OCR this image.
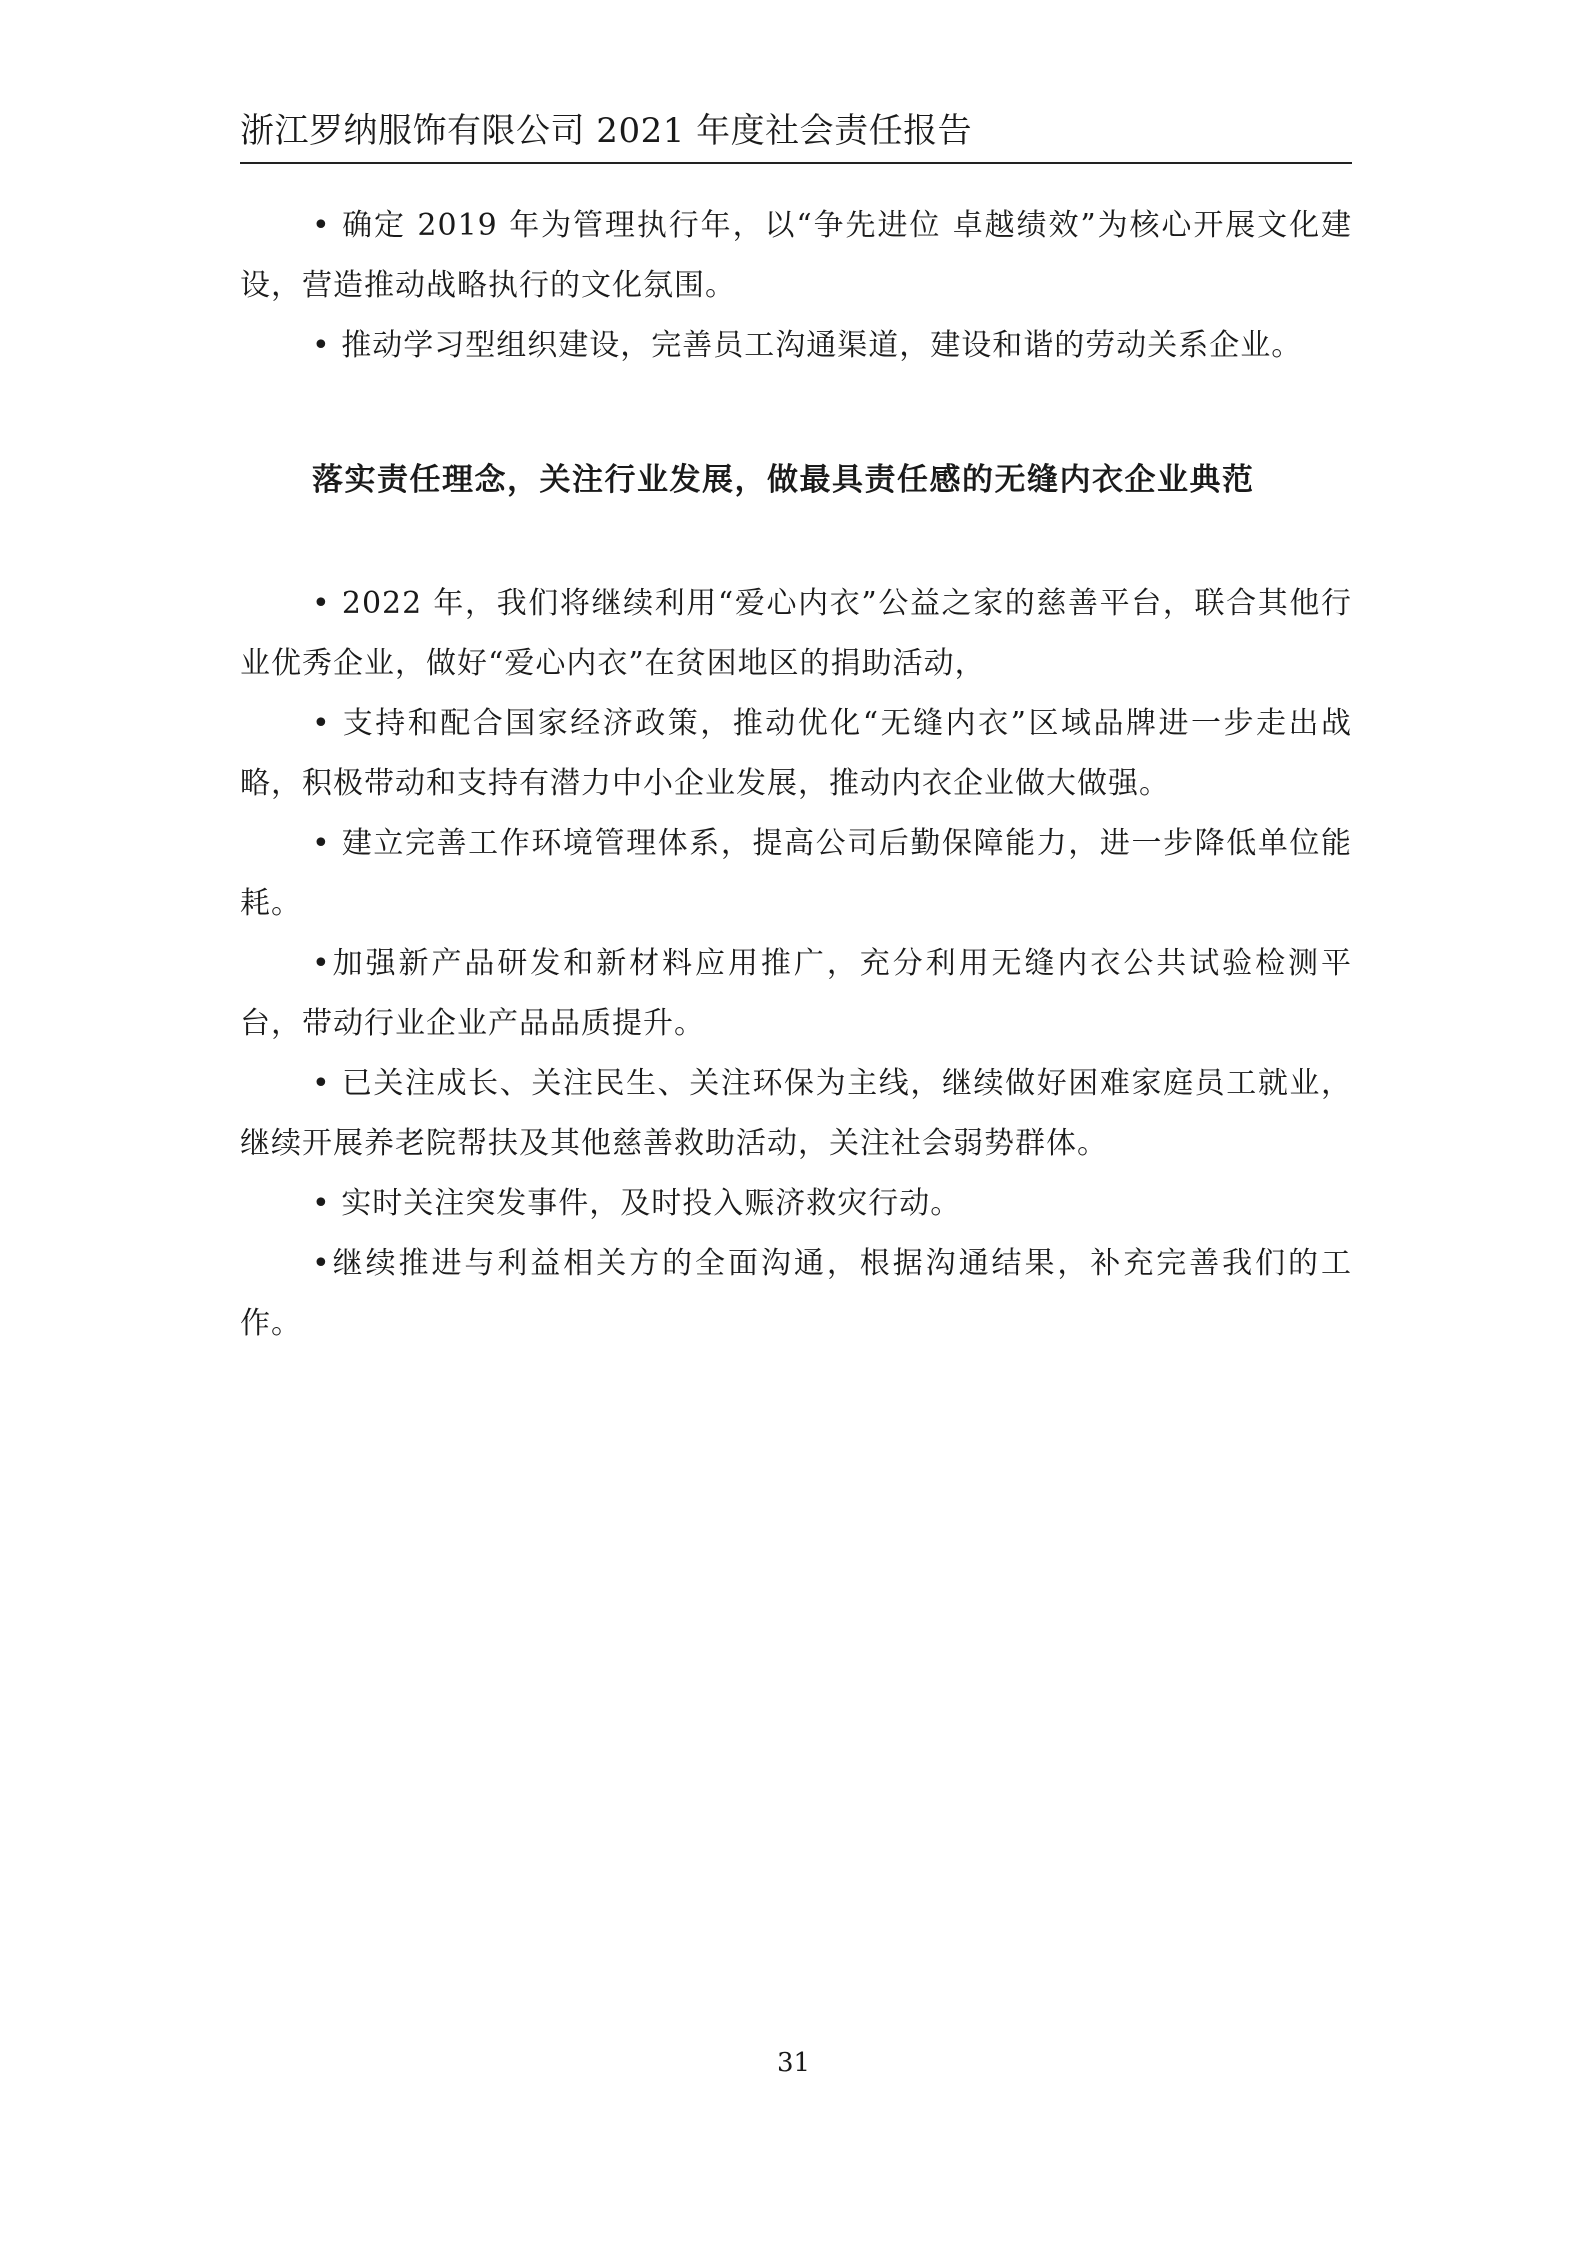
浙江罗纳服饰有限公司 2021 年度社会责任报告

• 确定 2019 年为管理执行年，以“争先进位 卓越绩效”为核心开展文化建设，营造推动战略执行的文化氛围。

• 推动学习型组织建设，完善员工沟通渠道，建设和谐的劳动关系企业。

落实责任理念，关注行业发展，做最具责任感的无缝内衣企业典范

• 2022 年，我们将继续利用“爱心内衣”公益之家的慈善平台，联合其他行业优秀企业，做好“爱心内衣”在贫困地区的捐助活动，

• 支持和配合国家经济政策，推动优化“无缝内衣”区域品牌进一步走出战略，积极带动和支持有潜力中小企业发展，推动内衣企业做大做强。

• 建立完善工作环境管理体系，提高公司后勤保障能力，进一步降低单位能耗。

•加强新产品研发和新材料应用推广，充分利用无缝内衣公共试验检测平台，带动行业企业产品品质提升。

• 已关注成长、关注民生、关注环保为主线，继续做好困难家庭员工就业，继续开展养老院帮扶及其他慈善救助活动，关注社会弱势群体。

• 实时关注突发事件，及时投入赈济救灾行动。

•继续推进与利益相关方的全面沟通，根据沟通结果，补充完善我们的工作。

31
